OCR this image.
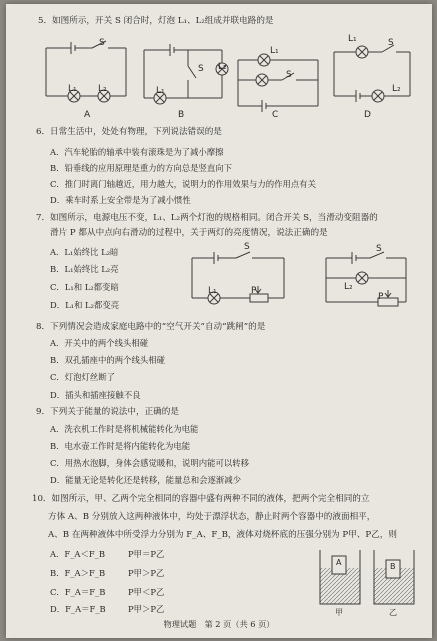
5．如图所示，开关 S 闭合时，灯泡 L₁、L₂组成并联电路的是
S
L₁ L₂
A
S L₂
L₁
B
L₁
S
C
L₁	S
L₂
D
6．日常生活中，处处有物理，下列说法错误的是
A．汽车轮胎的轴承中装有滚珠是为了减小摩擦
B．铅垂线的应用原理是重力的方向总是竖直向下
C．推门时离门轴越近，用力越大，说明力的作用效果与力的作用点有关
D．乘车时系上安全带是为了减小惯性
7．如图所示，电源电压不变，L₁、L₂两个灯泡的规格相同。闭合开关 S，当滑动变阻器的
滑片 P 都从中点向右滑动的过程中，关于两灯的亮度情况，说法正确的是
A．L₁始终比 L₂暗
B．L₁始终比 L₂亮
C．L₁和 L₂都变暗
D．L₁和 L₂都变亮
S
L₁	P
S
L₂
P
8．下列情况会造成家庭电路中的“空气开关”自动“跳闸”的是
A．开关中的两个线头相碰
B．双孔插座中的两个线头相碰
C．灯泡灯丝断了
D．插头和插座接触不良
9．下列关于能量的说法中，正确的是
A．洗衣机工作时是将机械能转化为电能
B．电水壶工作时是将内能转化为电能
C．用热水泡脚，身体会感觉暖和，说明内能可以转移
D．能量无论是转化还是转移，能量总和会逐渐减少
10．如图所示，甲、乙两个完全相同的容器中盛有两种不同的液体，把两个完全相同的立
方体 A、B 分别放入这两种液体中，均处于漂浮状态，静止时两个容器中的液面相平，
A、B 在两种液体中所受浮力分别为 F_A、F_B，液体对烧杯底的压强分别为 P甲、P乙，则
A．F_A＜F_B	P甲＝P乙
B．F_A＞F_B	P甲＞P乙
C．F_A＝F_B	P甲＜P乙
D．F_A＝F_B	P甲＞P乙
A	B
甲	乙
物理试题　第 2 页（共 6 页）
